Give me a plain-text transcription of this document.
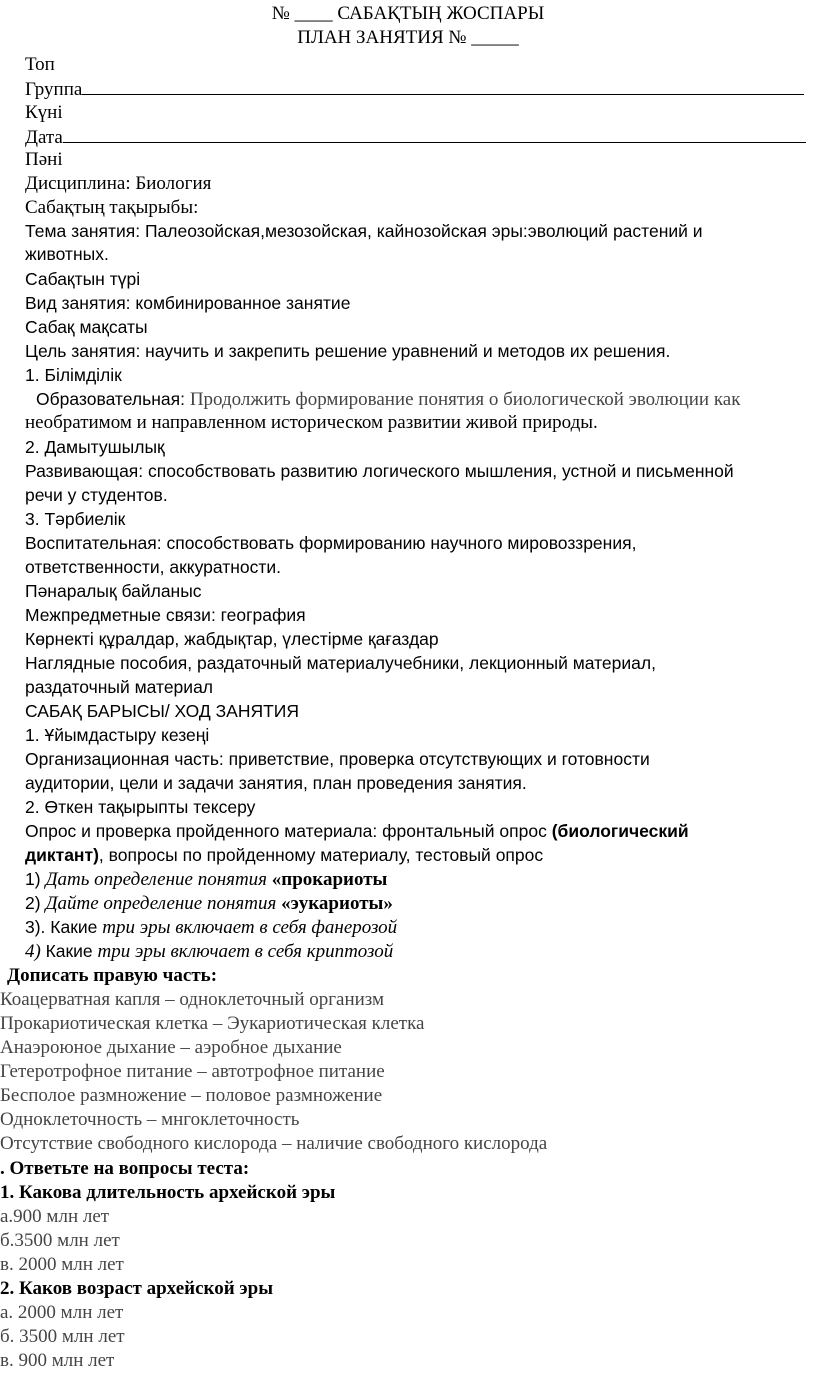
№ ____ САБАҚТЫҢ ЖОСПАРЫ
ПЛАН ЗАНЯТИЯ № _____
Топ
Группа
Күні
Дата
Пәні
Дисциплина: Биология
Сабақтың тақырыбы:
Тема занятия: Палеозойская,мезозойская, кайнозойская эры:эволюций растений и
животных.
Сабақтын түрі
Вид занятия: комбинированное занятие
Сабақ мақсаты
Цель занятия: научить и закрепить решение уравнений и методов их решения.
1. Білімділік
Образовательная: Продолжить формирование понятия о биологической эволюции как
необратимом и направленном историческом развитии живой природы.
2. Дамытушылық
Развивающая: способствовать развитию логического мышления, устной и письменной
речи у студентов.
3. Тәрбиелік
Воспитательная: способствовать формированию научного мировоззрения,
ответственности, аккуратности.
Пәнаралық байланыс
Межпредметные связи: география
Көрнекті құралдар, жабдықтар, үлестірме қағаздар
Наглядные пособия, раздаточный материалучебники, лекционный материал,
раздаточный материал
САБАҚ БАРЫСЫ/ ХОД ЗАНЯТИЯ
1. Ұйымдастыру кезеңі
Организационная часть: приветствие, проверка отсутствующих и готовности
аудитории, цели и задачи занятия, план проведения занятия.
2. Өткен тақырыпты тексеру
Опрос и проверка пройденного материала: фронтальный опрос (биологический
диктант), вопросы по пройденному материалу, тестовый опрос
1) Дать определение понятия «прокариоты
2) Дайте определение понятия «эукариоты»
3). Какие три эры включает в себя фанерозой
4) Какие три эры включает в себя криптозой
Дописать правую часть:
Коацерватная капля – одноклеточный организм
Прокариотическая клетка – Эукариотическая клетка
Анаэроюное дыхание – аэробное дыхание
Гетеротрофное питание – автотрофное питание
Бесполое размножение – половое размножение
Одноклеточность – мнгоклеточность
Отсутствие свободного кислорода – наличие свободного кислорода
. Ответьте на вопросы теста:
1. Какова длительность архейской эры
а.900 млн лет
б.3500 млн лет
в. 2000 млн лет
2. Каков возраст архейской эры
а. 2000 млн лет
б. 3500 млн лет
в. 900 млн лет
